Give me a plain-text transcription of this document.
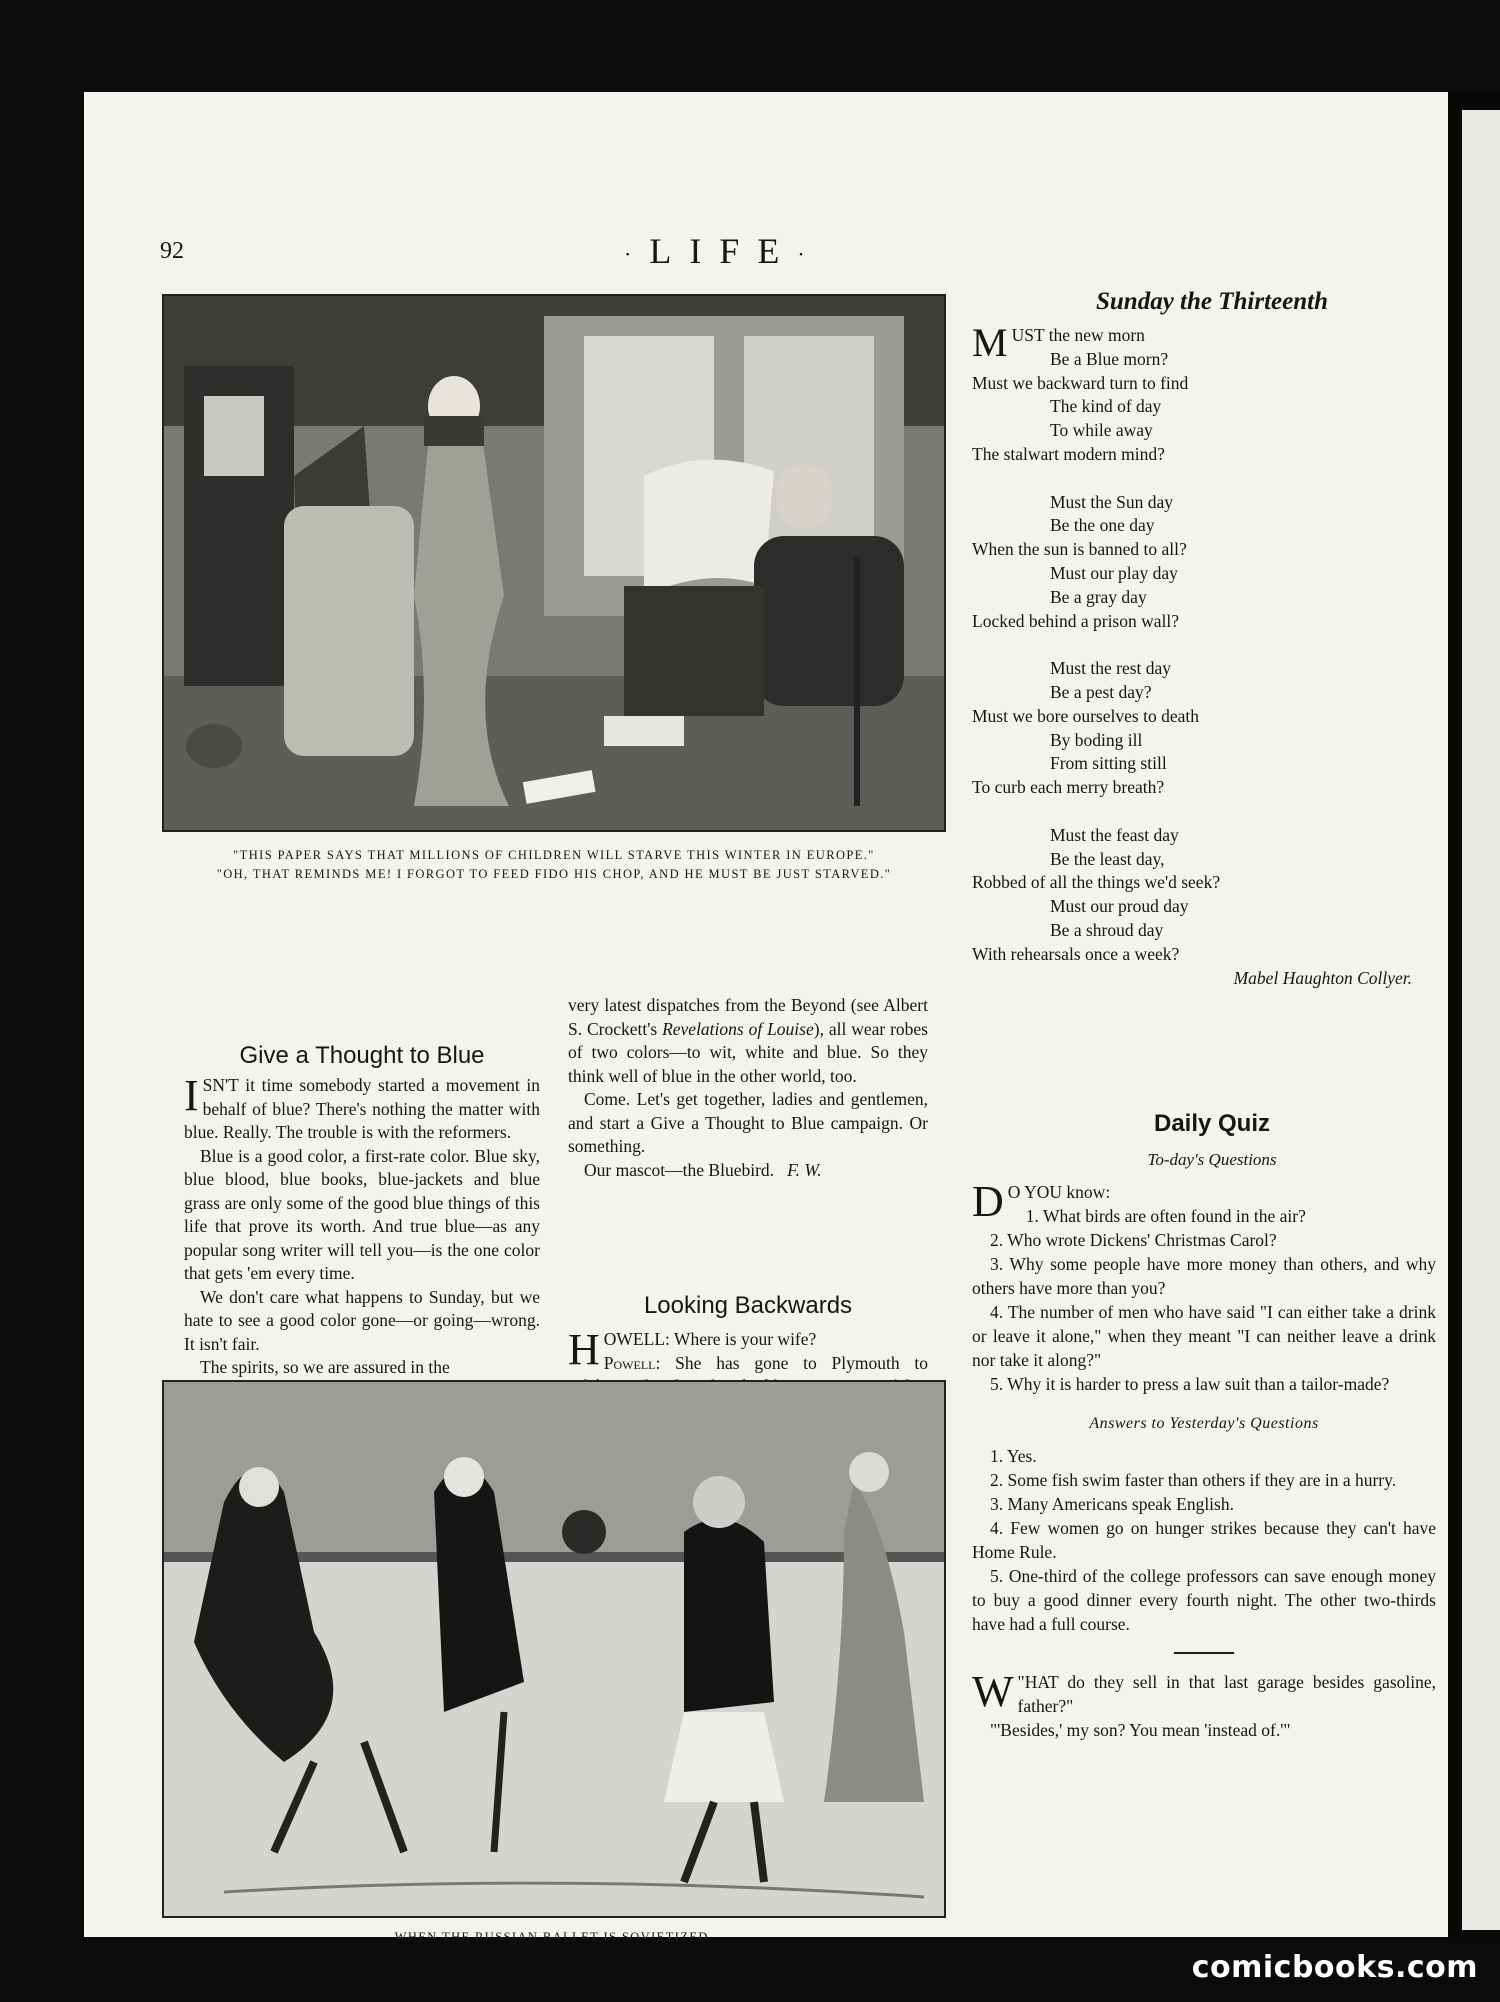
92	·LIFE·
"THIS PAPER SAYS THAT MILLIONS OF CHILDREN WILL STARVE THIS WINTER IN EUROPE."
"OH, THAT REMINDS ME! I FORGOT TO FEED FIDO HIS CHOP, AND HE MUST BE JUST STARVED."
Give a Thought to Blue

ISN'T it time somebody started a movement in behalf of blue? There's nothing the matter with blue. Really. The trouble is with the reformers.

Blue is a good color, a first-rate color. Blue sky, blue blood, blue books, blue-jackets and blue grass are only some of the good blue things of this life that prove its worth. And true blue—as any popular song writer will tell you—is the one color that gets 'em every time.

We don't care what happens to Sunday, but we hate to see a good color gone—or going—wrong. It isn't fair.

The spirits, so we are assured in the

very latest dispatches from the Beyond (see Albert S. Crockett's Revelations of Louise), all wear robes of two colors—to wit, white and blue. So they think well of blue in the other world, too.

Come. Let's get together, ladies and gentlemen, and start a Give a Thought to Blue campaign. Or something.

Our mascot—the Bluebird. F. W.

Looking Backwards

HOWELL: Where is your wife?
Powell: She has gone to Plymouth to

Sunday the Thirteenth
MUST the new morn
Be a Blue morn?
Must we backward turn to find
The kind of day
To while away
The stalwart modern mind?
Must the Sun day
Be the one day
When the sun is banned to all?
Must our play day
Be a gray day
Locked behind a prison wall?
Must the rest day
Be a pest day?
Must we bore ourselves to death
By boding ill
From sitting still
To curb each merry breath?
Must the feast day
Be the least day,
Robbed of all the things we'd seek?
Must our proud day
Be a shroud day
With rehearsals once a week?
Mabel Haughton Collyer.
Daily Quiz
To-day's Questions

D O YOU know:

1. What birds are often found in the air?

2. Who wrote Dickens' Christmas Carol?

3. Why some people have more money than others, and why others have more than you?

4. The number of men who have said "I can either take a drink or leave it alone," when they meant "I can neither leave a drink nor take it along?"

5. Why it is harder to press a law suit than a tailor-made?

Answers to Yesterday's Questions

1. Yes.

2. Some fish swim faster than others if they are in a hurry.

3. Many Americans speak English.

4. Few women go on hunger strikes because they can't have Home Rule.

5. One-third of the college professors can save enough money to buy a good dinner every fourth night. The other two-thirds have had a full course.

W "HAT do they sell in that last garage besides gasoline, father?"

"'Besides,' my son? You mean 'instead of.'"

WHEN THE RUSSIAN BALLET IS SOVIETIZED.
comicbooks.com
